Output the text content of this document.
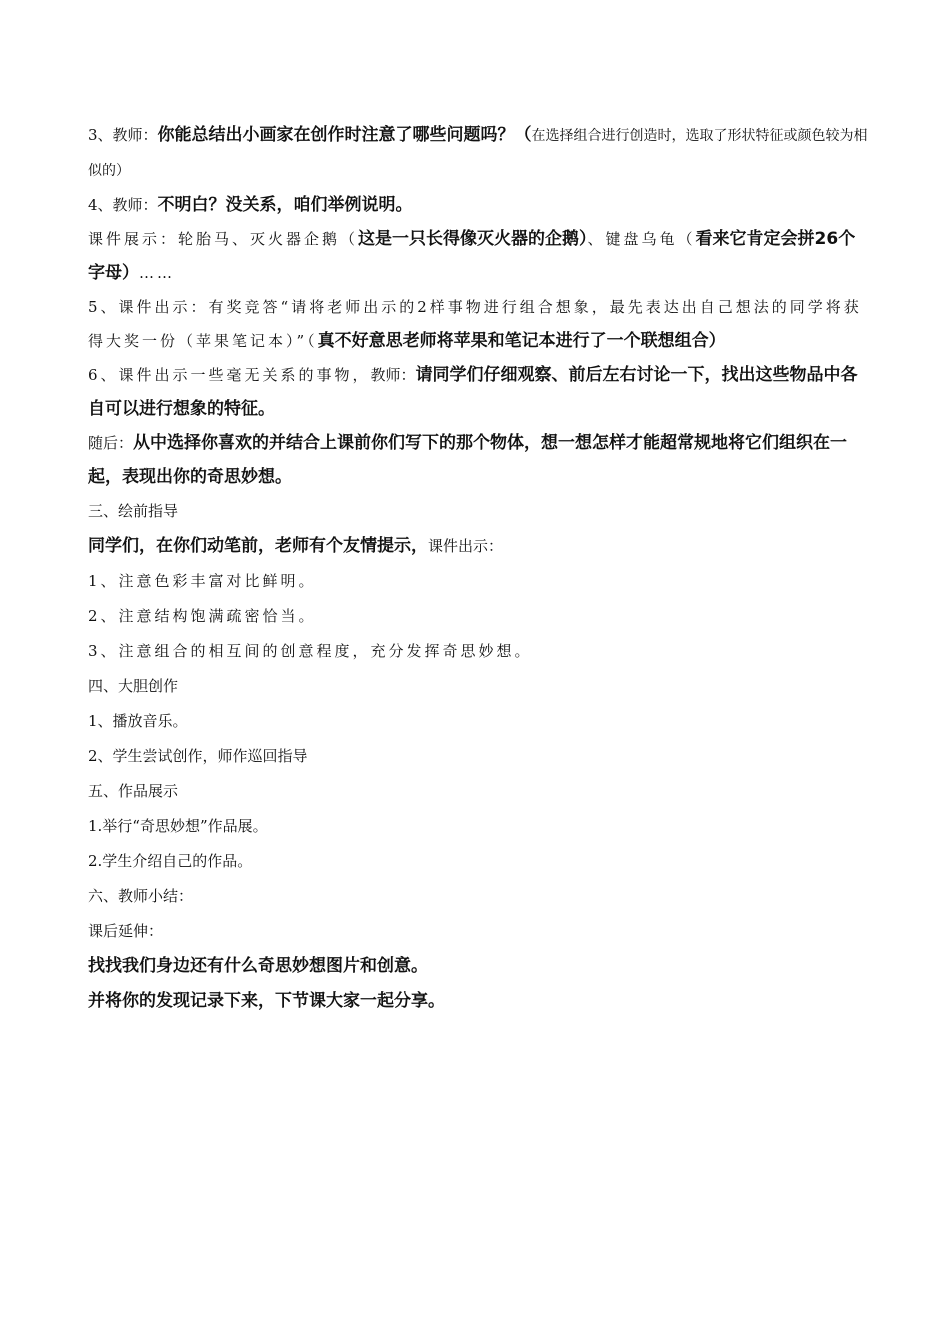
3、教师：你能总结出小画家在创作时注意了哪些问题吗？（在选择组合进行创造时，选取了形状特征或颜色较为相似的）

4、教师：不明白？没关系，咱们举例说明。

课件展示：轮胎马、灭火器企鹅（这是一只长得像灭火器的企鹅）、键盘乌龟（看来它肯定会拼26个字母）……

5、课件出示：有奖竞答“请将老师出示的2样事物进行组合想象，最先表达出自己想法的同学将获得大奖一份（苹果笔记本）”（真不好意思老师将苹果和笔记本进行了一个联想组合）

6、课件出示一些毫无关系的事物，教师：请同学们仔细观察、前后左右讨论一下，找出这些物品中各自可以进行想象的特征。

随后：从中选择你喜欢的并结合上课前你们写下的那个物体，想一想怎样才能超常规地将它们组织在一起，表现出你的奇思妙想。

三、绘前指导

同学们，在你们动笔前，老师有个友情提示，课件出示：

1、注意色彩丰富对比鲜明。

2、注意结构饱满疏密恰当。

3、注意组合的相互间的创意程度，充分发挥奇思妙想。

四、大胆创作

1、播放音乐。

2、学生尝试创作，师作巡回指导

五、作品展示

1.举行“奇思妙想”作品展。

2.学生介绍自己的作品。

六、教师小结：

课后延伸：

找找我们身边还有什么奇思妙想图片和创意。

并将你的发现记录下来，下节课大家一起分享。
